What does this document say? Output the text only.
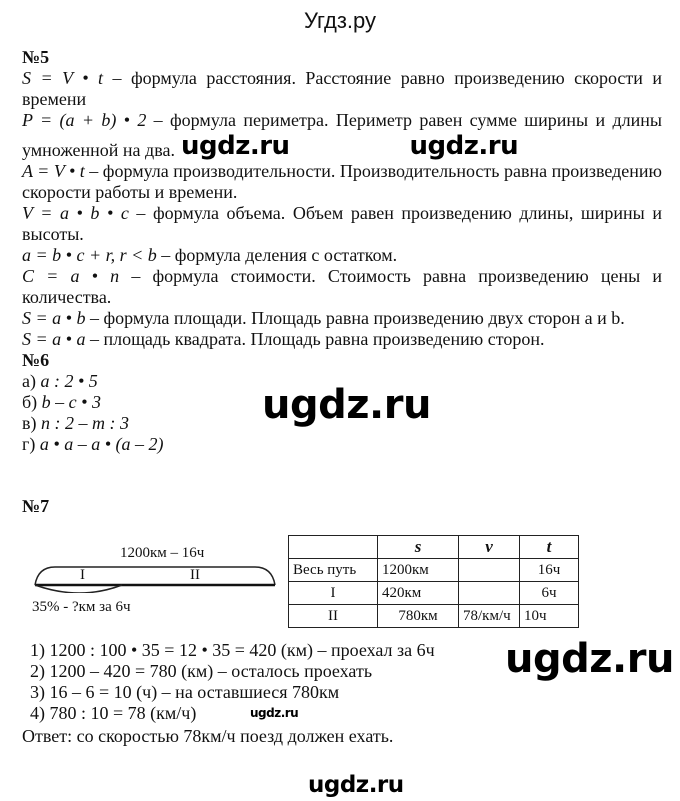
Угдз.ру
№5
S = V • t – формула расстояния. Расстояние равно произведению скорости и времени
P = (a + b) • 2 – формула периметра. Периметр равен сумме ширины и длины умноженной на два. ugdz.ru	ugdz.ru
A = V • t – формула производительности. Производительность равна произведению скорости работы и времени.
V = a • b • c – формула объема. Объем равен произведению длины, ширины и высоты.
a = b • c + r, r < b – формула деления с остатком.
C = a • n – формула стоимости. Стоимость равна произведению цены и количества.
S = a • b – формула площади. Площадь равна произведению двух сторон a и b.
S = a • a – площадь квадрата. Площадь равна произведению сторон.
№6
а) a : 2 • 5
б) b – c • 3
в) n : 2 – m : 3
г) a • a – a • (a – 2)
№7
1200км – 16ч
I	II
35% - ?км за 6ч
	s	v	t
Весь путь	1200км		16ч
I	420км		6ч
II	780км	78/км/ч	10ч
1) 1200 : 100 • 35 = 12 • 35 = 420 (км) – проехал за 6ч
2) 1200 – 420 = 780 (км) – осталось проехать
3) 16 – 6 = 10 (ч) – на оставшиеся 780км
4) 780 : 10 = 78 (км/ч)
Ответ: со скоростью 78км/ч поезд должен ехать.
ugdz.ru
ugdz.ru
ugdz.ru
ugdz.ru
